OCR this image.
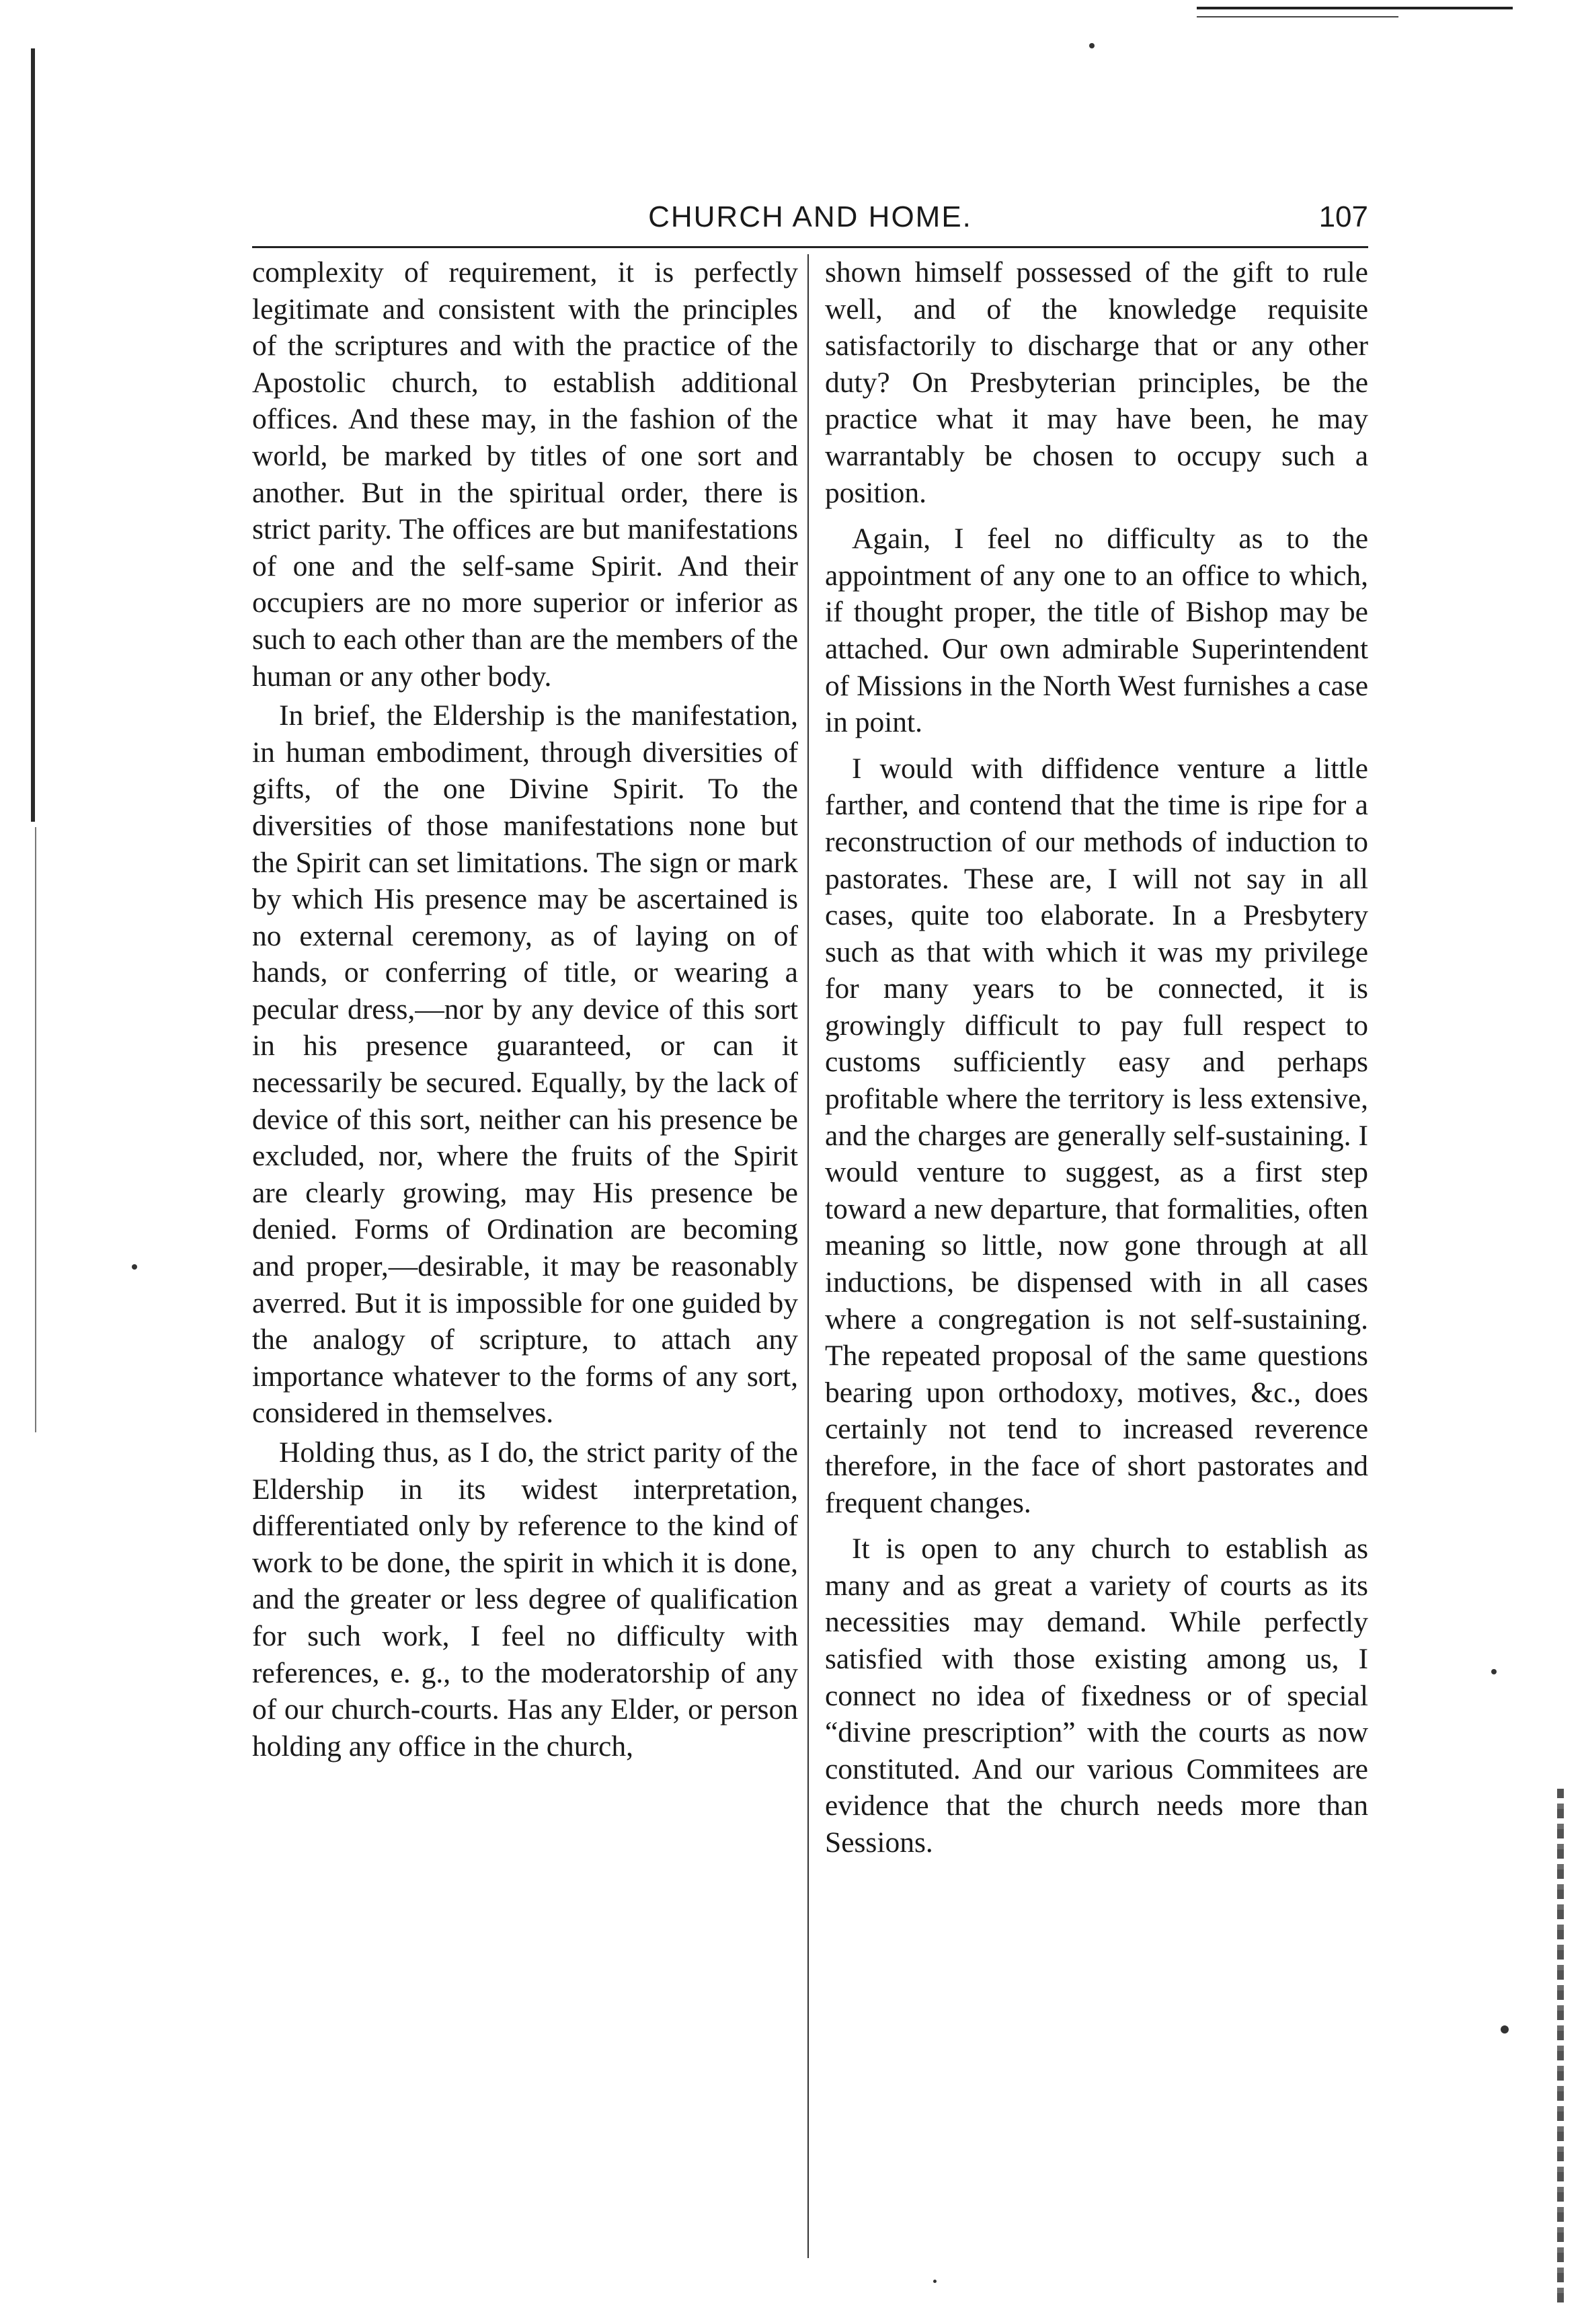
CHURCH AND HOME.	107

complexity of requirement, it is perfectly legitimate and consistent with the principles of the scriptures and with the practice of the Apostolic church, to establish additional offices. And these may, in the fashion of the world, be marked by titles of one sort and another. But in the spiritual order, there is strict parity. The offices are but manifestations of one and the self-same Spirit. And their occupiers are no more superior or inferior as such to each other than are the members of the human or any other body.

In brief, the Eldership is the manifestation, in human embodiment, through diversities of gifts, of the one Divine Spirit. To the diversities of those manifestations none but the Spirit can set limitations. The sign or mark by which His presence may be ascertained is no external ceremony, as of laying on of hands, or conferring of title, or wearing a pecular dress,—nor by any device of this sort in his presence guaranteed, or can it necessarily be secured. Equally, by the lack of device of this sort, neither can his presence be excluded, nor, where the fruits of the Spirit are clearly growing, may His presence be denied. Forms of Ordination are becoming and proper,—desirable, it may be reasonably averred. But it is impossible for one guided by the analogy of scripture, to attach any importance whatever to the forms of any sort, considered in themselves.

Holding thus, as I do, the strict parity of the Eldership in its widest interpretation, differentiated only by reference to the kind of work to be done, the spirit in which it is done, and the greater or less degree of qualification for such work, I feel no difficulty with references, e. g., to the moderatorship of any of our church-courts. Has any Elder, or person holding any office in the church,

shown himself possessed of the gift to rule well, and of the knowledge requisite satisfactorily to discharge that or any other duty? On Presbyterian principles, be the practice what it may have been, he may warrantably be chosen to occupy such a position.

Again, I feel no difficulty as to the appointment of any one to an office to which, if thought proper, the title of Bishop may be attached. Our own admirable Superintendent of Missions in the North West furnishes a case in point.

I would with diffidence venture a little farther, and contend that the time is ripe for a reconstruction of our methods of induction to pastorates. These are, I will not say in all cases, quite too elaborate. In a Presbytery such as that with which it was my privilege for many years to be connected, it is growingly difficult to pay full respect to customs sufficiently easy and perhaps profitable where the territory is less extensive, and the charges are generally self-sustaining. I would venture to suggest, as a first step toward a new departure, that formalities, often meaning so little, now gone through at all inductions, be dispensed with in all cases where a congregation is not self-sustaining. The repeated proposal of the same questions bearing upon orthodoxy, motives, &c., does certainly not tend to increased reverence therefore, in the face of short pastorates and frequent changes.

It is open to any church to establish as many and as great a variety of courts as its necessities may demand. While perfectly satisfied with those existing among us, I connect no idea of fixedness or of special “divine prescription” with the courts as now constituted. And our various Commitees are evidence that the church needs more than Sessions.
